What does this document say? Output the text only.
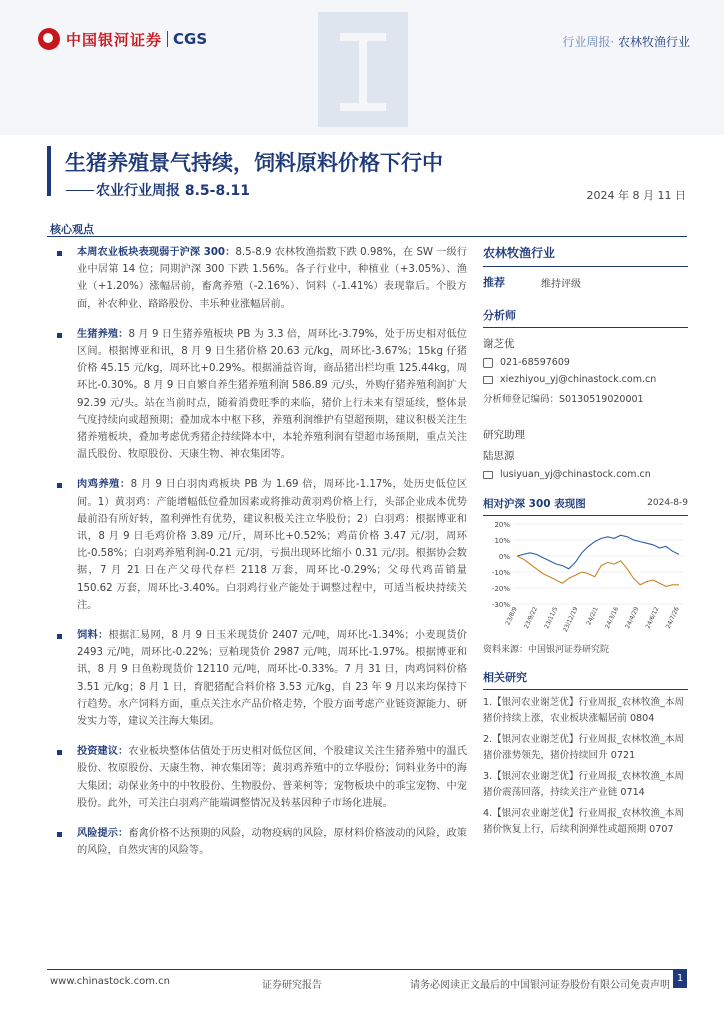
中国银河证券 CGS	行业周报· 农林牧渔行业
生猪养殖景气持续，饲料原料价格下行中
农业行业周报 8.5-8.11	2024 年 8 月 11 日
核心观点
本周农业板块表现弱于沪深 300：8.5-8.9 农林牧渔指数下跌 0.98%，在 SW 一级行业中居第 14 位；同期沪深 300 下跌 1.56%。各子行业中，种植业（+3.05%）、渔业（+1.20%）涨幅居前，畜禽养殖（-2.16%）、饲料（-1.41%）表现靠后。个股方面，补农种业、路路股份、丰乐种业涨幅居前。
生猪养殖：8 月 9 日生猪养殖板块 PB 为 3.3 倍，周环比-3.79%，处于历史相对低位区间。根据博亚和讯，8 月 9 日生猪价格 20.63 元/kg，周环比-3.67%；15kg 仔猪价格 45.15 元/kg，周环比+0.29%。根据涌益咨询，商品猪出栏均重 125.44kg，周环比-0.30%。8 月 9 日自繁自养生猪养殖利润 586.89 元/头，外购仔猪养殖利润扩大 92.39 元/头。站在当前时点，随着消费旺季的来临，猪价上行未来有望延续，整体景气度持续向或超预期；叠加成本中枢下移，养殖利润维护有望超预期，建议积极关注生猪养殖板块，叠加考虑优秀猪企持续降本中，本轮养殖利润有望超市场预期，重点关注温氏股份、牧原股份、天康生物、神农集团等。
肉鸡养殖：8 月 9 日白羽肉鸡板块 PB 为 1.69 倍，周环比-1.17%，处历史低位区间。1）黄羽鸡：产能增幅低位叠加因素或将推动黄羽鸡价格上行，头部企业成本优势最前沿有所好转，盈利弹性有优势，建议积极关注立华股份；2）白羽鸡：根据博亚和讯，8 月 9 日毛鸡价格 3.89 元/斤，周环比+0.52%；鸡苗价格 3.47 元/羽，周环比-0.58%；白羽鸡养殖利润-0.21 元/羽，亏损出现环比缩小 0.31 元/羽。根据协会数据，7 月 21 日在产父母代存栏 2118 万套，周环比-0.29%；父母代鸡苗销量 150.62 万套，周环比-3.40%。白羽鸡行业产能处于调整过程中，可适当板块持续关注。
饲料：根据汇易网，8 月 9 日玉米现货价 2407 元/吨，周环比-1.34%；小麦现货价 2493 元/吨，周环比-0.22%；豆粕现货价 2987 元/吨，周环比-1.97%。根据博亚和讯，8 月 9 日鱼粉现货价 12110 元/吨，周环比-0.33%。7 月 31 日，肉鸡饲料价格 3.51 元/kg；8 月 1 日，育肥猪配合料价格 3.53 元/kg，自 23 年 9 月以来均保持下行趋势。水产饲料方面，重点关注水产品价格走势，个股方面考虑产业链资源能力、研发实力等，建议关注海大集团。
投资建议：农业板块整体估值处于历史相对低位区间，个股建议关注生猪养殖中的温氏股份、牧原股份、天康生物、神农集团等；黄羽鸡养殖中的立华股份；饲料业务中的海大集团；动保业务中的中牧股份、生物股份、普莱柯等；宠物板块中的乖宝宠物、中宠股份。此外，可关注白羽鸡产能端调整情况及转基因种子市场化进展。
风险提示：畜禽价格不达预期的风险，动物疫病的风险，原材料价格波动的风险，政策的风险，自然灾害的风险等。
农林牧渔行业
推荐	维持评级
分析师
谢芝优
021-68597609
xiezhiyou_yj@chinastock.com.cn
分析师登记编码：S0130519020001
研究助理
陆思源
lusiyuan_yj@chinastock.com.cn
相对沪深 300 表现图	2024-8-9
20%
10%
0%
-10%
-20%
-30%
23/8/9 23/9/22 23/11/5 23/12/19 24/2/1 24/3/16 24/4/29 24/6/12 24/7/26
资料来源：中国银河证券研究院
相关研究
1.【银河农业谢芝优】行业周报_农林牧渔_本周猪价持续上涨，农业板块涨幅居前 0804
2.【银河农业谢芝优】行业周报_农林牧渔_本周猪价涨势领先，猪价持续回升 0721
3.【银河农业谢芝优】行业周报_农林牧渔_本周猪价震荡回落，持续关注产业链 0714
4.【银河农业谢芝优】行业周报_农林牧渔_本周猪价恢复上行，后续利润弹性或超预期 0707
www.chinastock.com.cn	证券研究报告	请务必阅读正文最后的中国银河证券股份有限公司免责声明
1
